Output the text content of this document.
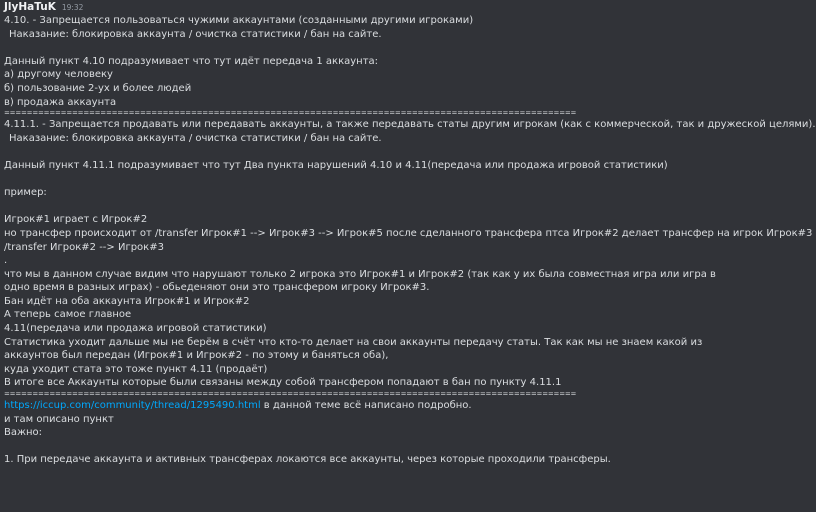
JlyHaTuK 19:32
4.10. - Запрещается пользоваться чужими аккаунтами (созданными другими игроками)
Наказание: блокировка аккаунта / очистка статистики / бан на сайте.
Данный пункт 4.10 подразумивает что тут идёт передача 1 аккаунта:
а) другому человеку
б) пользование 2-ух и более людей
в) продажа аккаунта
=====================================================================================================
4.11.1. - Запрещается продавать или передавать аккаунты, а также передавать статы другим игрокам (как с коммерческой, так и дружеской целями).
Наказание: блокировка аккаунта / очистка статистики / бан на сайте.
Данный пункт 4.11.1 подразумивает что тут Два пункта нарушений 4.10 и 4.11(передача или продажа игровой статистики)
пример:
Игрок#1 играет с Игрок#2
но трансфер происходит от /transfer Игрок#1 --> Игрок#3 --> Игрок#5 после сделанного трансфера птса Игрок#2 делает трансфер на игрок Игрок#3
/transfer Игрок#2 --> Игрок#3
.
что мы в данном случае видим что нарушают только 2 игрока это Игрок#1 и Игрок#2 (так как у их была совместная игра или игра в одно время в разных играх) - обьеденяют они это трансфером игроку Игрок#3.
Бан идёт на оба аккаунта Игрок#1 и Игрок#2
А теперь самое главное
4.11(передача или продажа игровой статистики)
Статистика уходит дальше мы не берём в счёт что кто-то делает на свои аккаунты передачу статы. Так как мы не знаем какой из аккаунтов был передан (Игрок#1 и Игрок#2 - по этому и баняться оба),
куда уходит стата это тоже пункт 4.11 (продаёт)
В итоге все Аккаунты которые были связаны между собой трансфером попадают в бан по пункту 4.11.1
=====================================================================================================
https://iccup.com/community/thread/1295490.html в данной теме всё написано подробно.
и там описано пункт
Важно:
1. При передаче аккаунта и активных трансферах локаются все аккаунты, через которые проходили трансферы.
